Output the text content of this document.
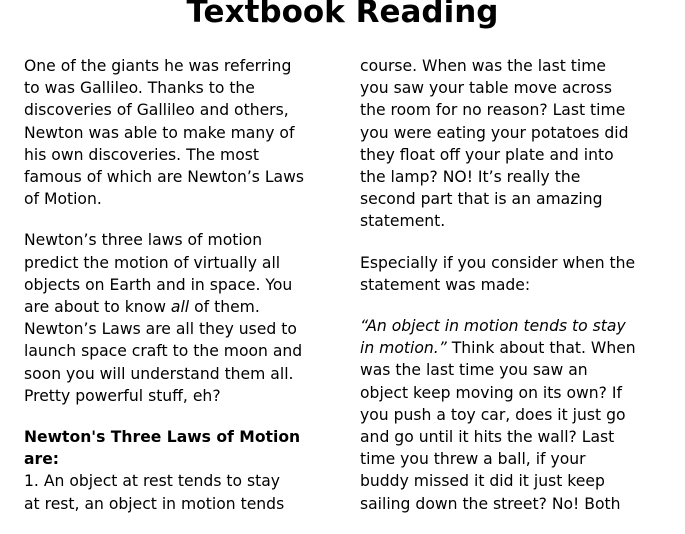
Textbook Reading
One of the giants he was referring
to was Gallileo. Thanks to the
discoveries of Gallileo and others,
Newton was able to make many of
his own discoveries. The most
famous of which are Newton’s Laws
of Motion.
Newton’s three laws of motion
predict the motion of virtually all
objects on Earth and in space. You
are about to know all of them.
Newton’s Laws are all they used to
launch space craft to the moon and
soon you will understand them all.
Pretty powerful stuff, eh?
Newton's Three Laws of Motion
are:
1. An object at rest tends to stay
at rest, an object in motion tends
course. When was the last time
you saw your table move across
the room for no reason? Last time
you were eating your potatoes did
they float off your plate and into
the lamp? NO! It’s really the
second part that is an amazing
statement.
Especially if you consider when the
statement was made:
“An object in motion tends to stay
in motion.” Think about that. When
was the last time you saw an
object keep moving on its own? If
you push a toy car, does it just go
and go until it hits the wall? Last
time you threw a ball, if your
buddy missed it did it just keep
sailing down the street? No! Both
